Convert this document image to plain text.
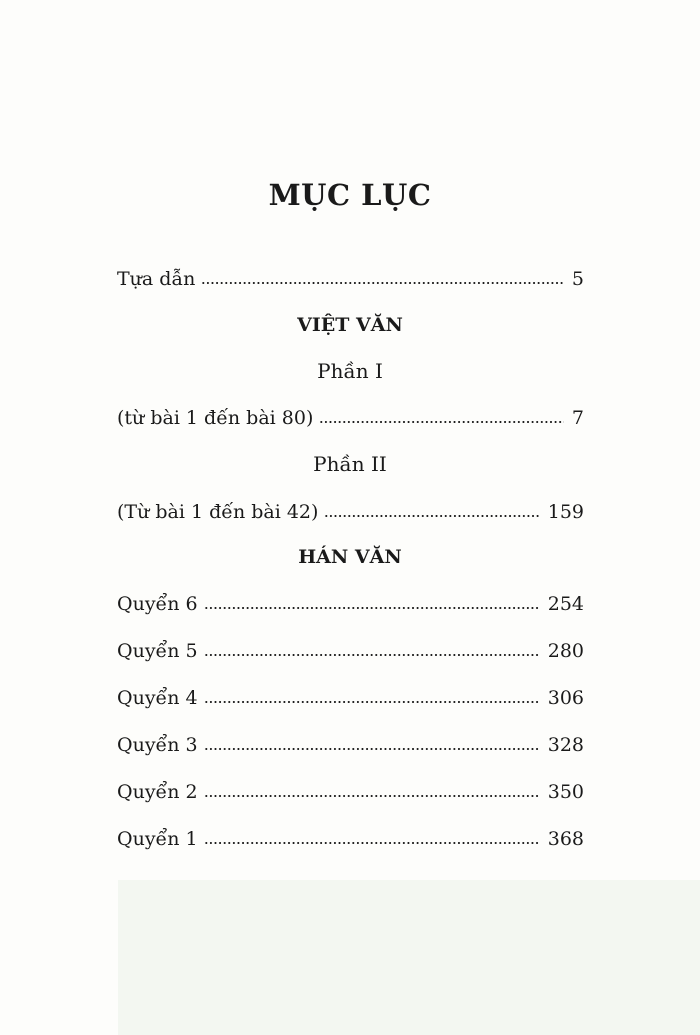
MỤC LỤC
Tựa dẫn	5
VIỆT VĂN
Phần I
(từ bài 1 đến bài 80)	7
Phần II
(Từ bài 1 đến bài 42)	159
HÁN VĂN
Quyển 6	254
Quyển 5	280
Quyển 4	306
Quyển 3	328
Quyển 2	350
Quyển 1	368
